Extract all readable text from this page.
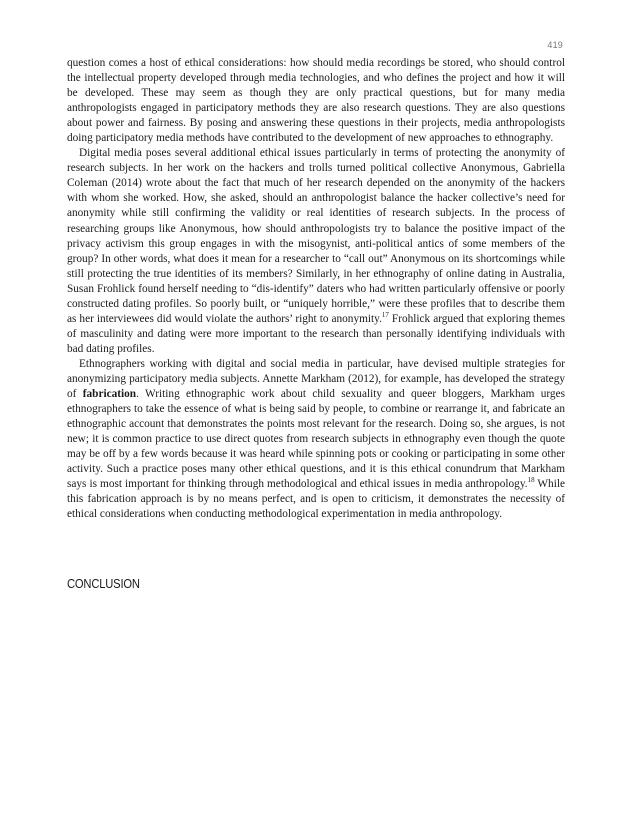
419

question comes a host of ethical considerations: how should media recordings be stored, who should control the intellectual property developed through media technologies, and who defines the project and how it will be developed. These may seem as though they are only practical questions, but for many media anthropologists engaged in participatory methods they are also research questions. They are also questions about power and fairness. By posing and answering these questions in their projects, media anthropologists doing participatory media methods have contributed to the development of new approaches to ethnography.

Digital media poses several additional ethical issues particularly in terms of protecting the anonymity of research subjects. In her work on the hackers and trolls turned political collective Anonymous, Gabriella Coleman (2014) wrote about the fact that much of her research depended on the anonymity of the hackers with whom she worked. How, she asked, should an anthropologist balance the hacker collective’s need for anonymity while still confirming the validity or real identities of research subjects. In the process of researching groups like Anonymous, how should anthropologists try to balance the positive impact of the privacy activism this group engages in with the misogynist, anti-political antics of some members of the group? In other words, what does it mean for a researcher to “call out” Anonymous on its shortcomings while still protecting the true identities of its members? Similarly, in her ethnography of online dating in Australia, Susan Frohlick found herself needing to “dis-identify” daters who had written particularly offensive or poorly constructed dating profiles. So poorly built, or “uniquely horrible,” were these profiles that to describe them as her interviewees did would violate the authors’ right to anonymity.$^{17}$ Frohlick argued that exploring themes of masculinity and dating were more important to the research than personally identifying individuals with bad dating profiles.

Ethnographers working with digital and social media in particular, have devised multiple strategies for anonymizing participatory media subjects. Annette Markham (2012), for example, has developed the strategy of fabrication. Writing ethnographic work about child sexuality and queer bloggers, Markham urges ethnographers to take the essence of what is being said by people, to combine or rearrange it, and fabricate an ethnographic account that demonstrates the points most relevant for the research. Doing so, she argues, is not new; it is common practice to use direct quotes from research subjects in ethnography even though the quote may be off by a few words because it was heard while spinning pots or cooking or participating in some other activity. Such a practice poses many other ethical questions, and it is this ethical conundrum that Markham says is most important for thinking through methodological and ethical issues in media anthropology.$^{18}$ While this fabrication approach is by no means perfect, and is open to criticism, it demonstrates the necessity of ethical considerations when conducting methodological experimentation in media anthropology.

CONCLUSION
